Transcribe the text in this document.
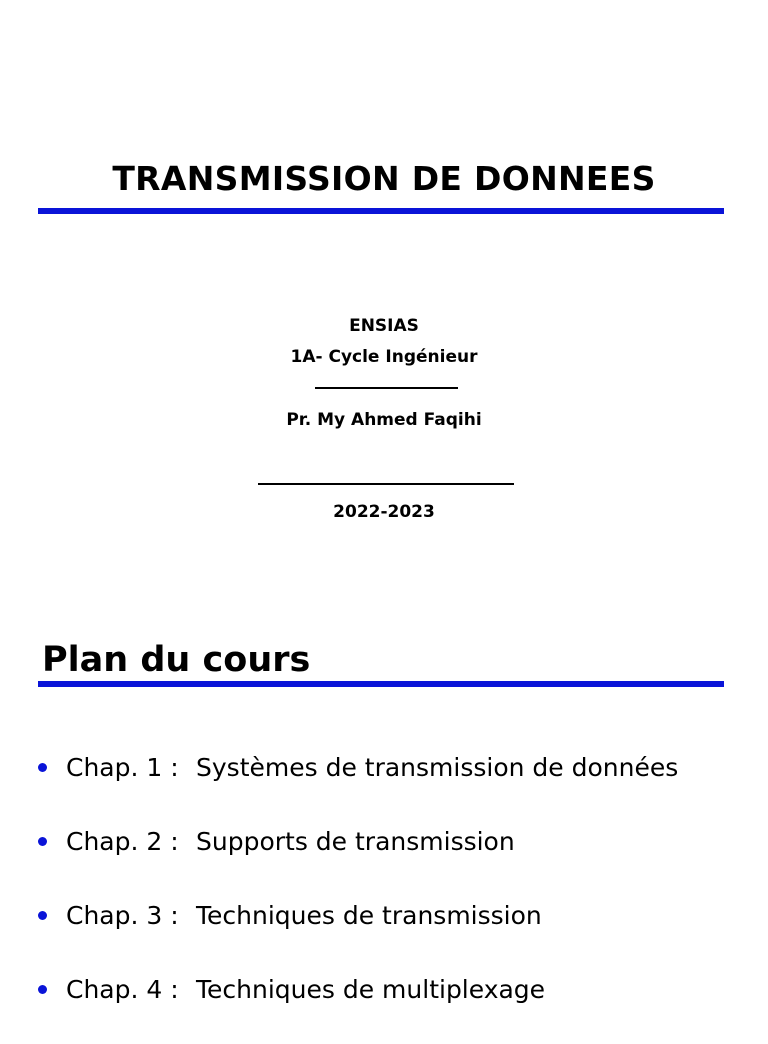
TRANSMISSION DE DONNEES
ENSIAS
1A- Cycle Ingénieur
Pr. My Ahmed Faqihi
2022-2023
Plan du cours
Chap. 1 : Systèmes de transmission de données
Chap. 2 : Supports de transmission
Chap. 3 : Techniques de transmission
Chap. 4 : Techniques de multiplexage
